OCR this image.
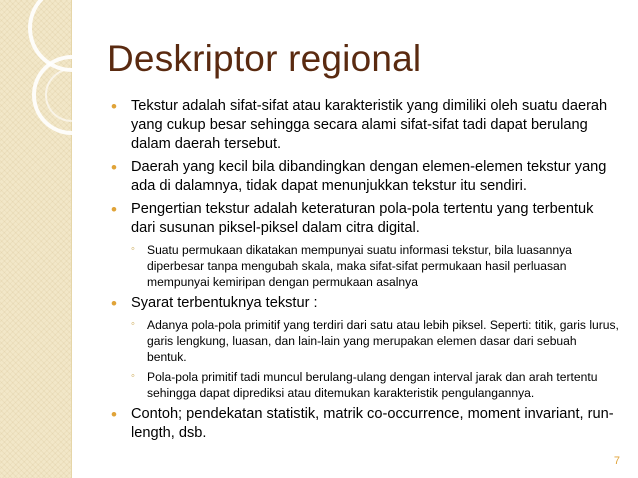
Deskriptor regional
• Tekstur adalah sifat-sifat atau karakteristik yang dimiliki oleh suatu daerah yang cukup besar sehingga secara alami sifat-sifat tadi dapat berulang dalam daerah tersebut.
• Daerah yang kecil bila dibandingkan dengan elemen-elemen tekstur yang ada di dalamnya, tidak dapat menunjukkan tekstur itu sendiri.
• Pengertian tekstur adalah keteraturan pola-pola tertentu yang terbentuk dari susunan piksel-piksel dalam citra digital.
◦ Suatu permukaan dikatakan mempunyai suatu informasi tekstur, bila luasannya diperbesar tanpa mengubah skala, maka sifat-sifat permukaan hasil perluasan mempunyai kemiripan dengan permukaan asalnya
• Syarat terbentuknya tekstur :
◦ Adanya pola-pola primitif yang terdiri dari satu atau lebih piksel. Seperti: titik, garis lurus, garis lengkung, luasan, dan lain-lain yang merupakan elemen dasar dari sebuah bentuk.
◦ Pola-pola primitif tadi muncul berulang-ulang dengan interval jarak dan arah tertentu sehingga dapat diprediksi atau ditemukan karakteristik pengulangannya.
• Contoh; pendekatan statistik, matrik co-occurrence, moment invariant, run-length, dsb.
7
